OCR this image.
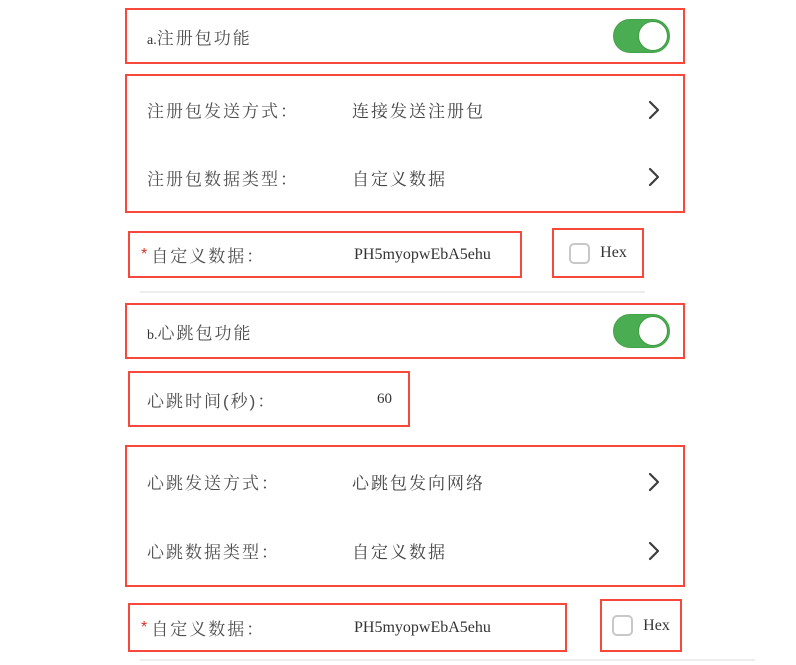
a.注册包功能
注册包发送方式：	连接发送注册包
注册包数据类型：	自定义数据
* 自定义数据：	PH5myopwEbA5ehu	Hex
b.心跳包功能
心跳时间(秒)：	60
心跳发送方式：	心跳包发向网络
心跳数据类型：	自定义数据
* 自定义数据：	PH5myopwEbA5ehu	Hex
